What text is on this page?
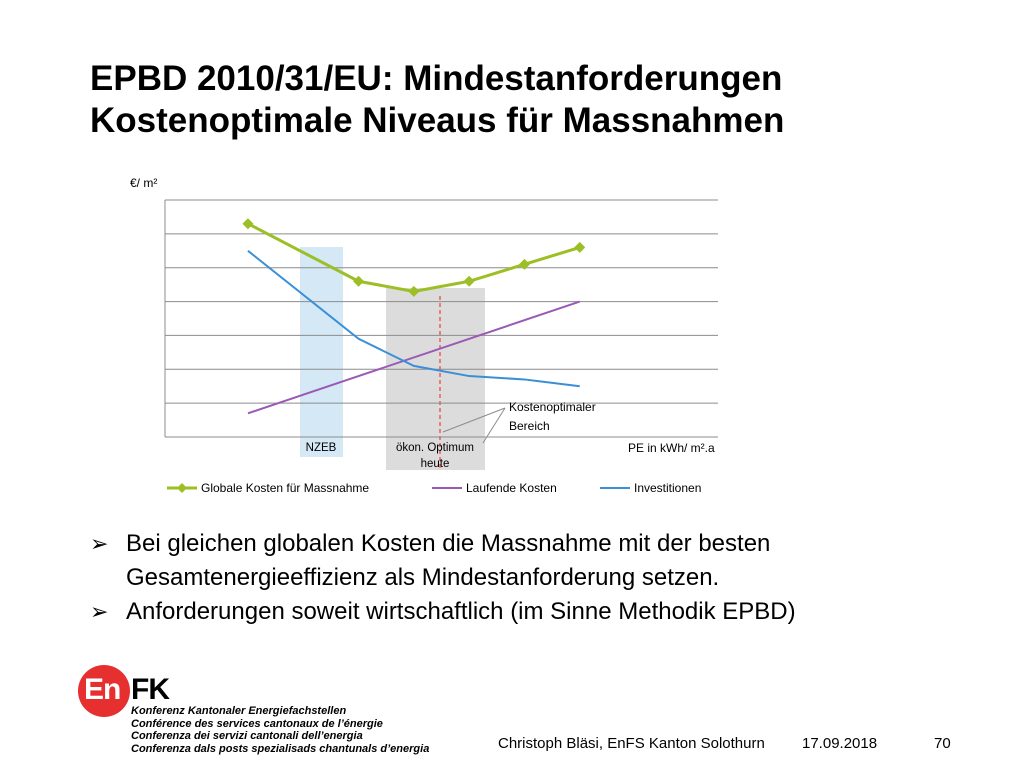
EPBD 2010/31/EU: Mindestanforderungen
Kostenoptimale Niveaus für Massnahmen
€/ m²
PE in kWh/ m².a
NZEB	ökon. Optimum
heute
Kostenoptimaler
Bereich
Globale Kosten für Massnahme	Laufende Kosten	Investitionen
➢ Bei gleichen globalen Kosten die Massnahme mit der besten Gesamtenergieeffizienz als Mindestanforderung setzen.
➢ Anforderungen soweit wirtschaftlich (im Sinne Methodik EPBD)
En FK
Konferenz Kantonaler Energiefachstellen
Conférence des services cantonaux de l’énergie
Conferenza dei servizi cantonali dell’energia
Conferenza dals posts spezialisads chantunals d’energia	Christoph Bläsi, EnFS Kanton Solothurn 17.09.2018	70
